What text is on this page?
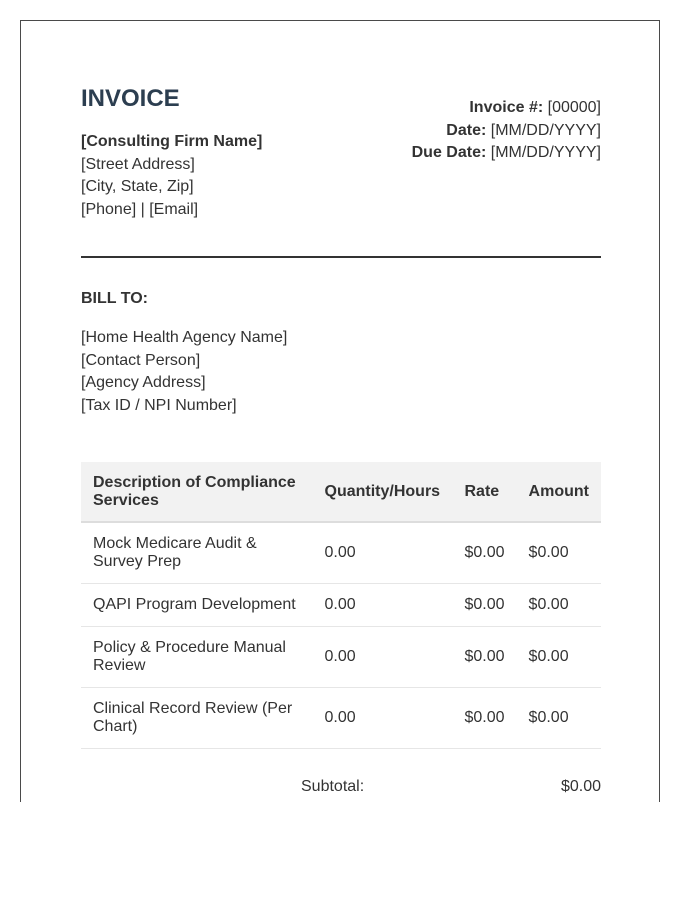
INVOICE
[Consulting Firm Name]
[Street Address]
[City, State, Zip]
[Phone] | [Email]
Invoice #: [00000]
Date: [MM/DD/YYYY]
Due Date: [MM/DD/YYYY]
BILL TO:
[Home Health Agency Name]
[Contact Person]
[Agency Address]
[Tax ID / NPI Number]
Description of Compliance Services	Quantity/Hours	Rate	Amount
Mock Medicare Audit & Survey Prep	0.00	$0.00	$0.00
QAPI Program Development	0.00	$0.00	$0.00
Policy & Procedure Manual Review	0.00	$0.00	$0.00
Clinical Record Review (Per Chart)	0.00	$0.00	$0.00
Subtotal:	$0.00
